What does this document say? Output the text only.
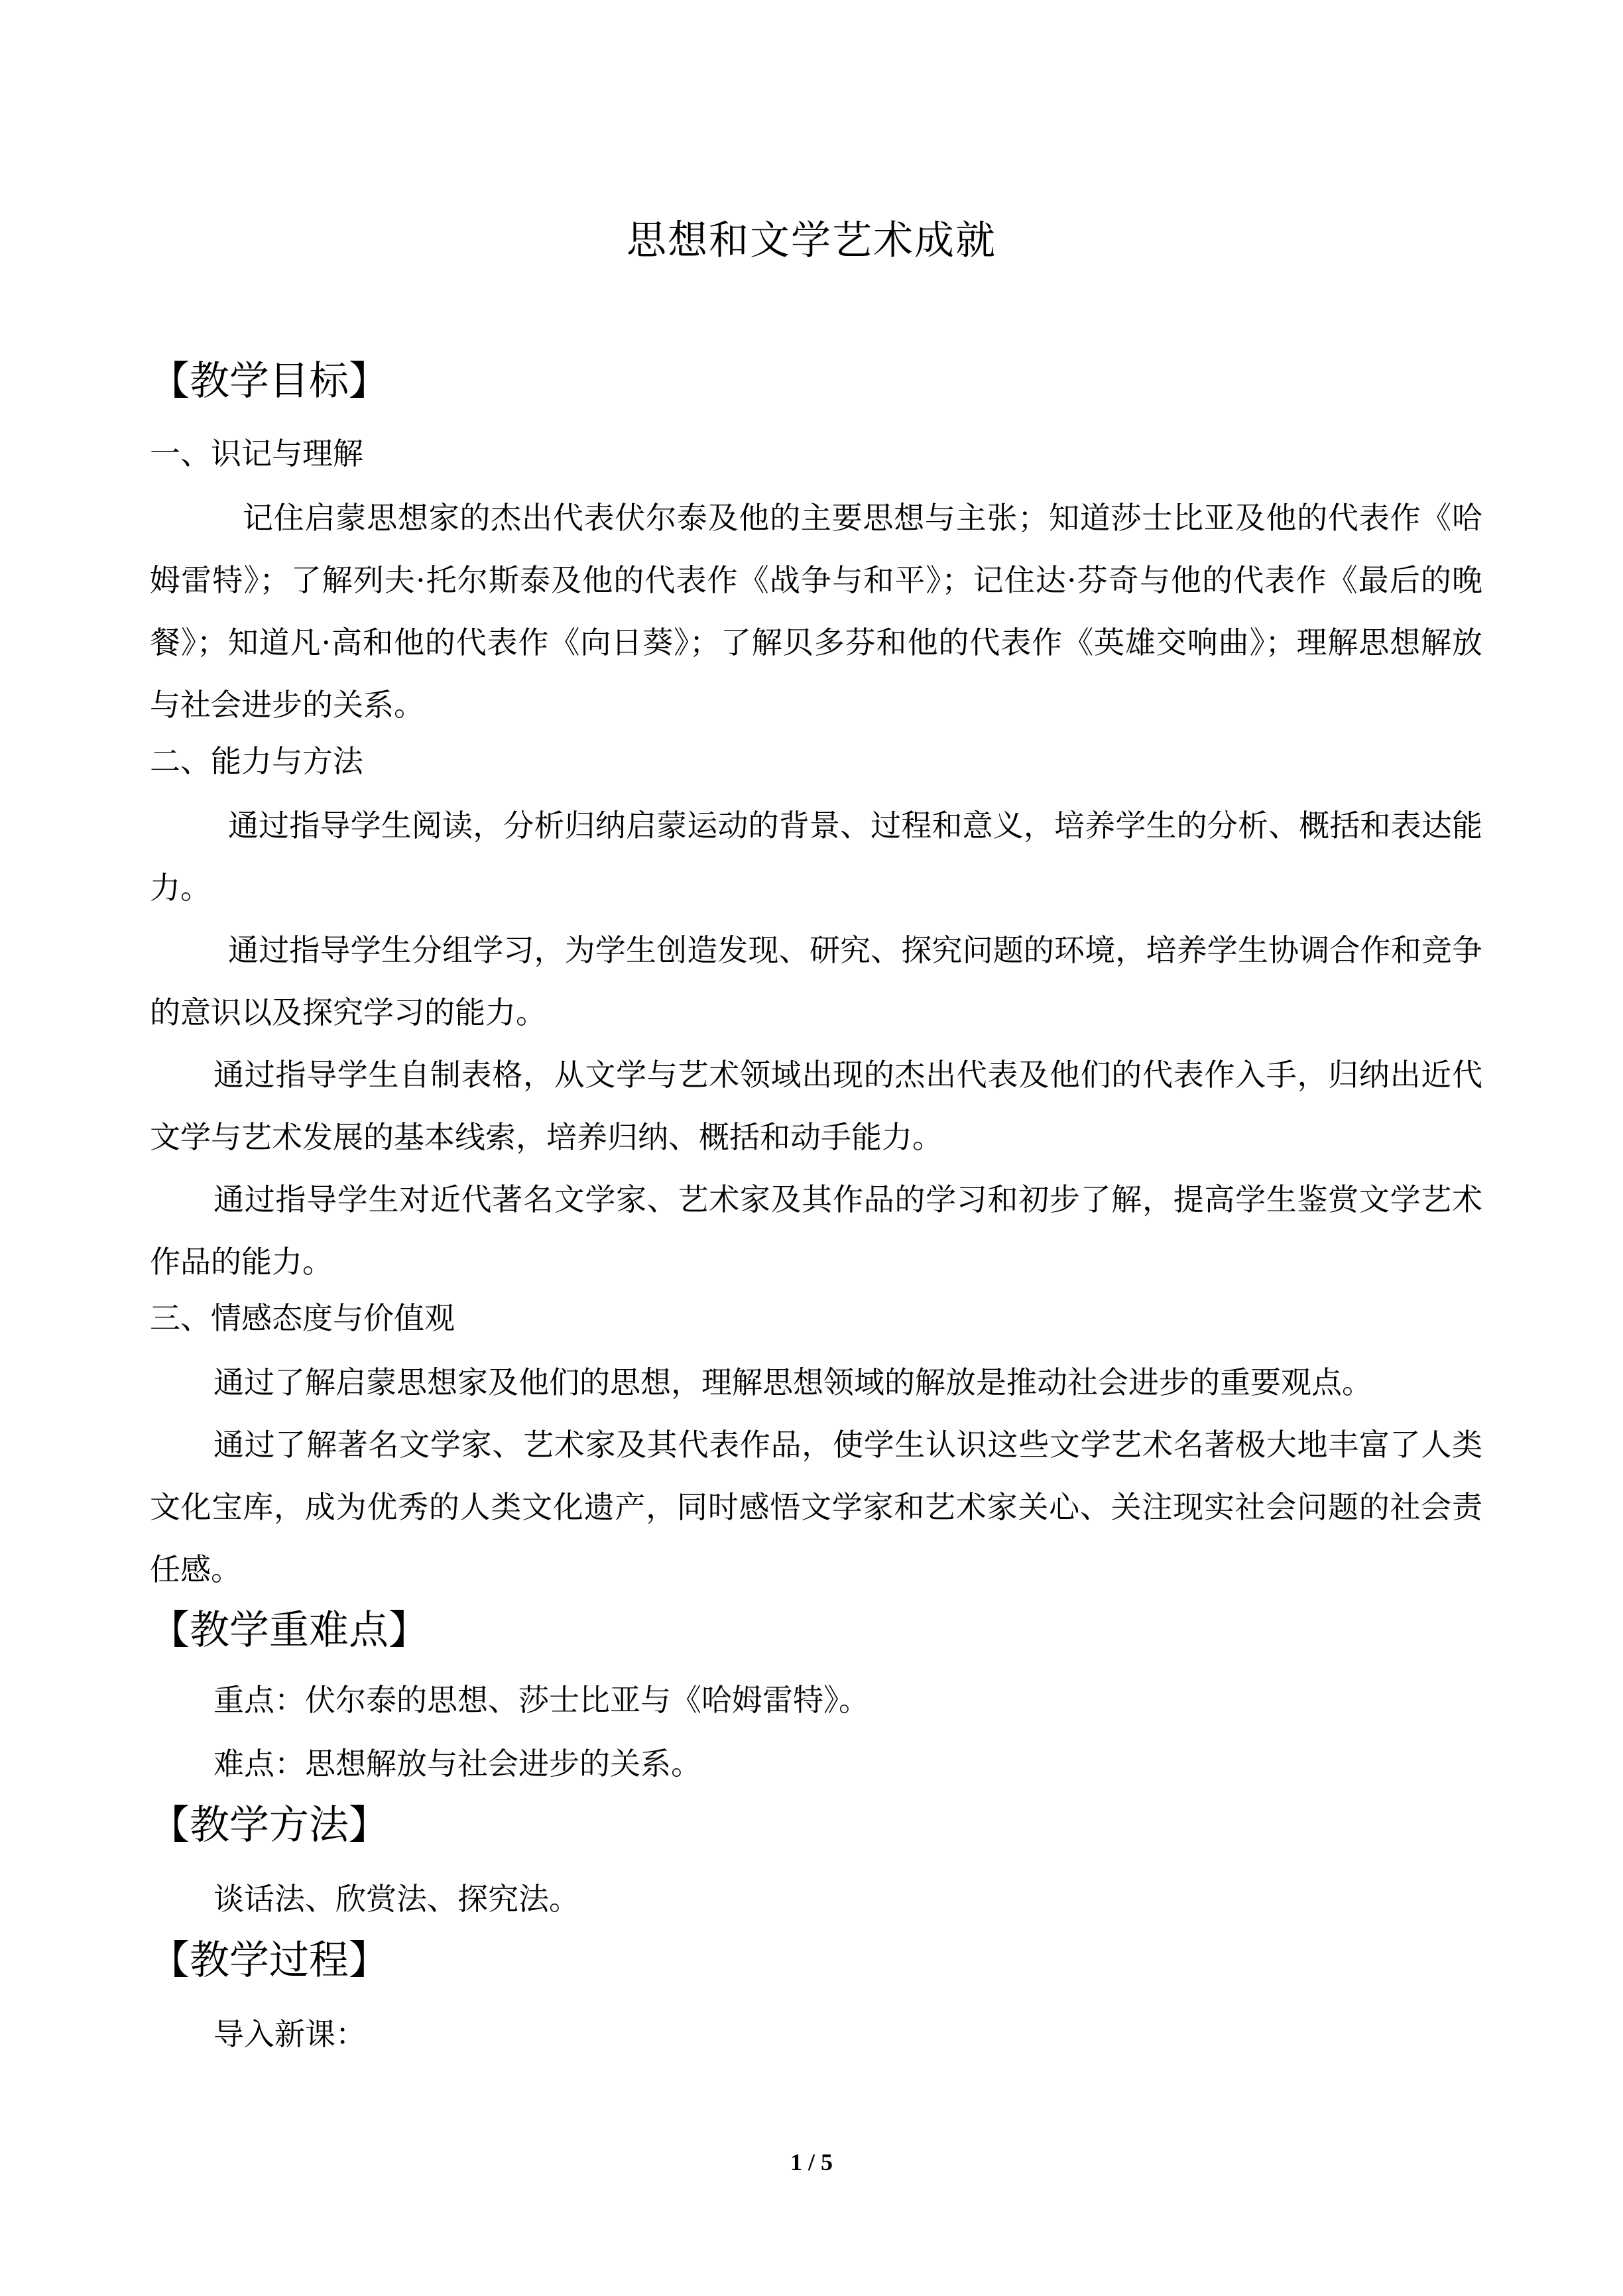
思想和文学艺术成就
【教学目标】
一、识记与理解

记住启蒙思想家的杰出代表伏尔泰及他的主要思想与主张；知道莎士比亚及他的代表作《哈姆雷特》；了解列夫·托尔斯泰及他的代表作《战争与和平》；记住达·芬奇与他的代表作《最后的晚餐》；知道凡·高和他的代表作《向日葵》；了解贝多芬和他的代表作《英雄交响曲》；理解思想解放与社会进步的关系。

二、能力与方法

通过指导学生阅读，分析归纳启蒙运动的背景、过程和意义，培养学生的分析、概括和表达能力。

通过指导学生分组学习，为学生创造发现、研究、探究问题的环境，培养学生协调合作和竞争的意识以及探究学习的能力。

通过指导学生自制表格，从文学与艺术领域出现的杰出代表及他们的代表作入手，归纳出近代文学与艺术发展的基本线索，培养归纳、概括和动手能力。

通过指导学生对近代著名文学家、艺术家及其作品的学习和初步了解，提高学生鉴赏文学艺术作品的能力。

三、情感态度与价值观

通过了解启蒙思想家及他们的思想，理解思想领域的解放是推动社会进步的重要观点。

通过了解著名文学家、艺术家及其代表作品，使学生认识这些文学艺术名著极大地丰富了人类文化宝库，成为优秀的人类文化遗产，同时感悟文学家和艺术家关心、关注现实社会问题的社会责任感。

【教学重难点】

重点：伏尔泰的思想、莎士比亚与《哈姆雷特》。

难点：思想解放与社会进步的关系。

【教学方法】

谈话法、欣赏法、探究法。

【教学过程】

导入新课：

1 / 5
